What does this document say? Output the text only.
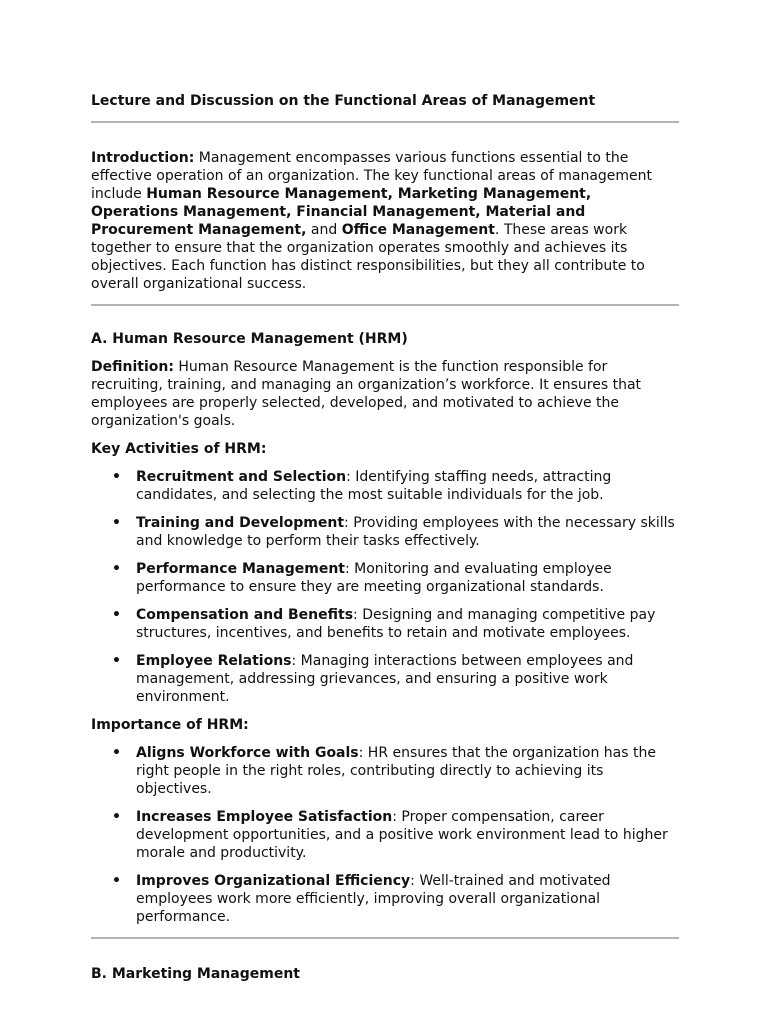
Lecture and Discussion on the Functional Areas of Management

Introduction: Management encompasses various functions essential to the effective operation of an organization. The key functional areas of management include Human Resource Management, Marketing Management, Operations Management, Financial Management, Material and Procurement Management, and Office Management. These areas work together to ensure that the organization operates smoothly and achieves its objectives. Each function has distinct responsibilities, but they all contribute to overall organizational success.

A. Human Resource Management (HRM)

Definition: Human Resource Management is the function responsible for recruiting, training, and managing an organization’s workforce. It ensures that employees are properly selected, developed, and motivated to achieve the organization's goals.

Key Activities of HRM:

• Recruitment and Selection: Identifying staffing needs, attracting candidates, and selecting the most suitable individuals for the job.
• Training and Development: Providing employees with the necessary skills and knowledge to perform their tasks effectively.
• Performance Management: Monitoring and evaluating employee performance to ensure they are meeting organizational standards.
• Compensation and Benefits: Designing and managing competitive pay structures, incentives, and benefits to retain and motivate employees.
• Employee Relations: Managing interactions between employees and management, addressing grievances, and ensuring a positive work environment.

Importance of HRM:

• Aligns Workforce with Goals: HR ensures that the organization has the right people in the right roles, contributing directly to achieving its objectives.
• Increases Employee Satisfaction: Proper compensation, career development opportunities, and a positive work environment lead to higher morale and productivity.
• Improves Organizational Efficiency: Well-trained and motivated employees work more efficiently, improving overall organizational performance.

B. Marketing Management
